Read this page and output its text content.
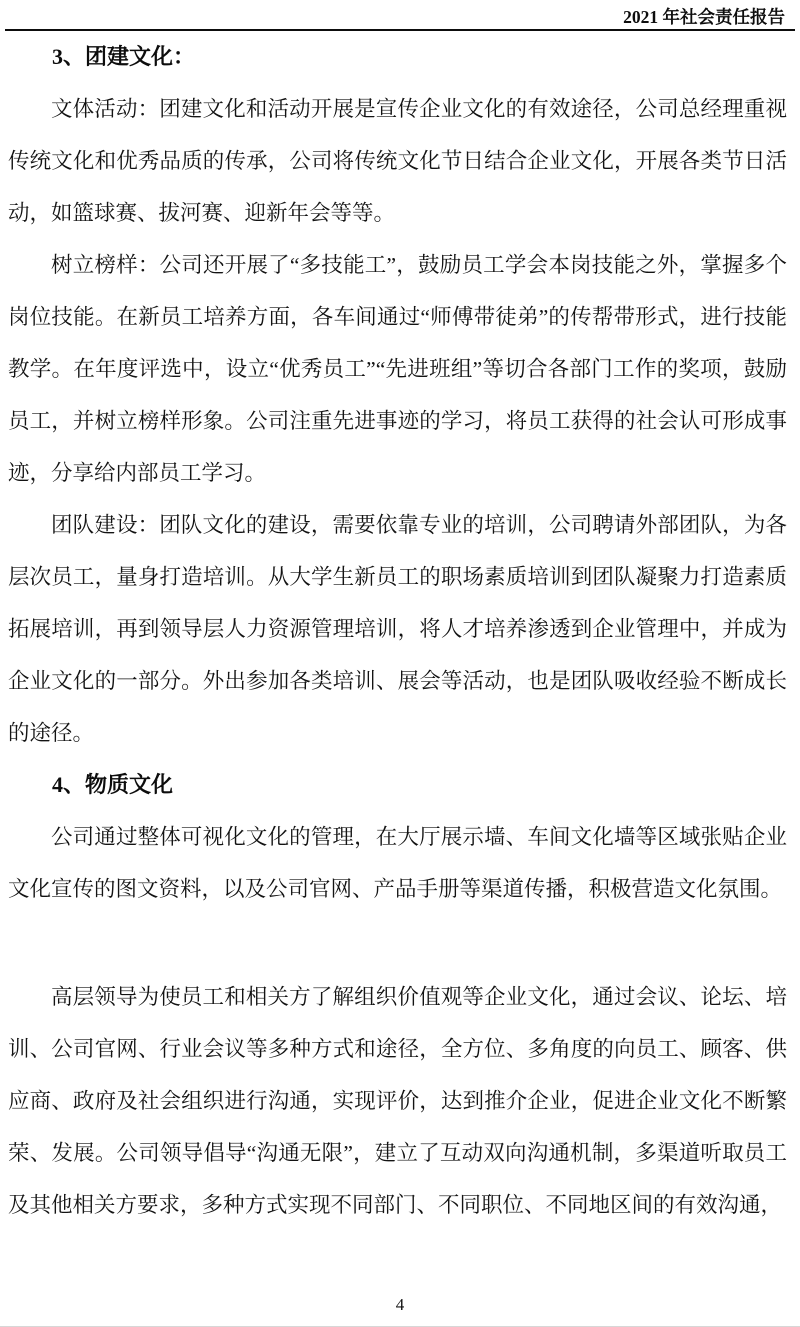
2021 年社会责任报告
3、团建文化：

文体活动：团建文化和活动开展是宣传企业文化的有效途径，公司总经理重视传统文化和优秀品质的传承，公司将传统文化节日结合企业文化，开展各类节日活动，如篮球赛、拔河赛、迎新年会等等。

树立榜样：公司还开展了“多技能工”，鼓励员工学会本岗技能之外，掌握多个岗位技能。在新员工培养方面，各车间通过“师傅带徒弟”的传帮带形式，进行技能教学。在年度评选中，设立“优秀员工”“先进班组”等切合各部门工作的奖项，鼓励员工，并树立榜样形象。公司注重先进事迹的学习，将员工获得的社会认可形成事迹，分享给内部员工学习。

团队建设：团队文化的建设，需要依靠专业的培训，公司聘请外部团队，为各层次员工，量身打造培训。从大学生新员工的职场素质培训到团队凝聚力打造素质拓展培训，再到领导层人力资源管理培训，将人才培养渗透到企业管理中，并成为企业文化的一部分。外出参加各类培训、展会等活动，也是团队吸收经验不断成长的途径。

4、物质文化

公司通过整体可视化文化的管理，在大厅展示墙、车间文化墙等区域张贴企业文化宣传的图文资料，以及公司官网、产品手册等渠道传播，积极营造文化氛围。

高层领导为使员工和相关方了解组织价值观等企业文化，通过会议、论坛、培训、公司官网、行业会议等多种方式和途径，全方位、多角度的向员工、顾客、供应商、政府及社会组织进行沟通，实现评价，达到推介企业，促进企业文化不断繁荣、发展。公司领导倡导“沟通无限”，建立了互动双向沟通机制，多渠道听取员工及其他相关方要求，多种方式实现不同部门、不同职位、不同地区间的有效沟通，

4
